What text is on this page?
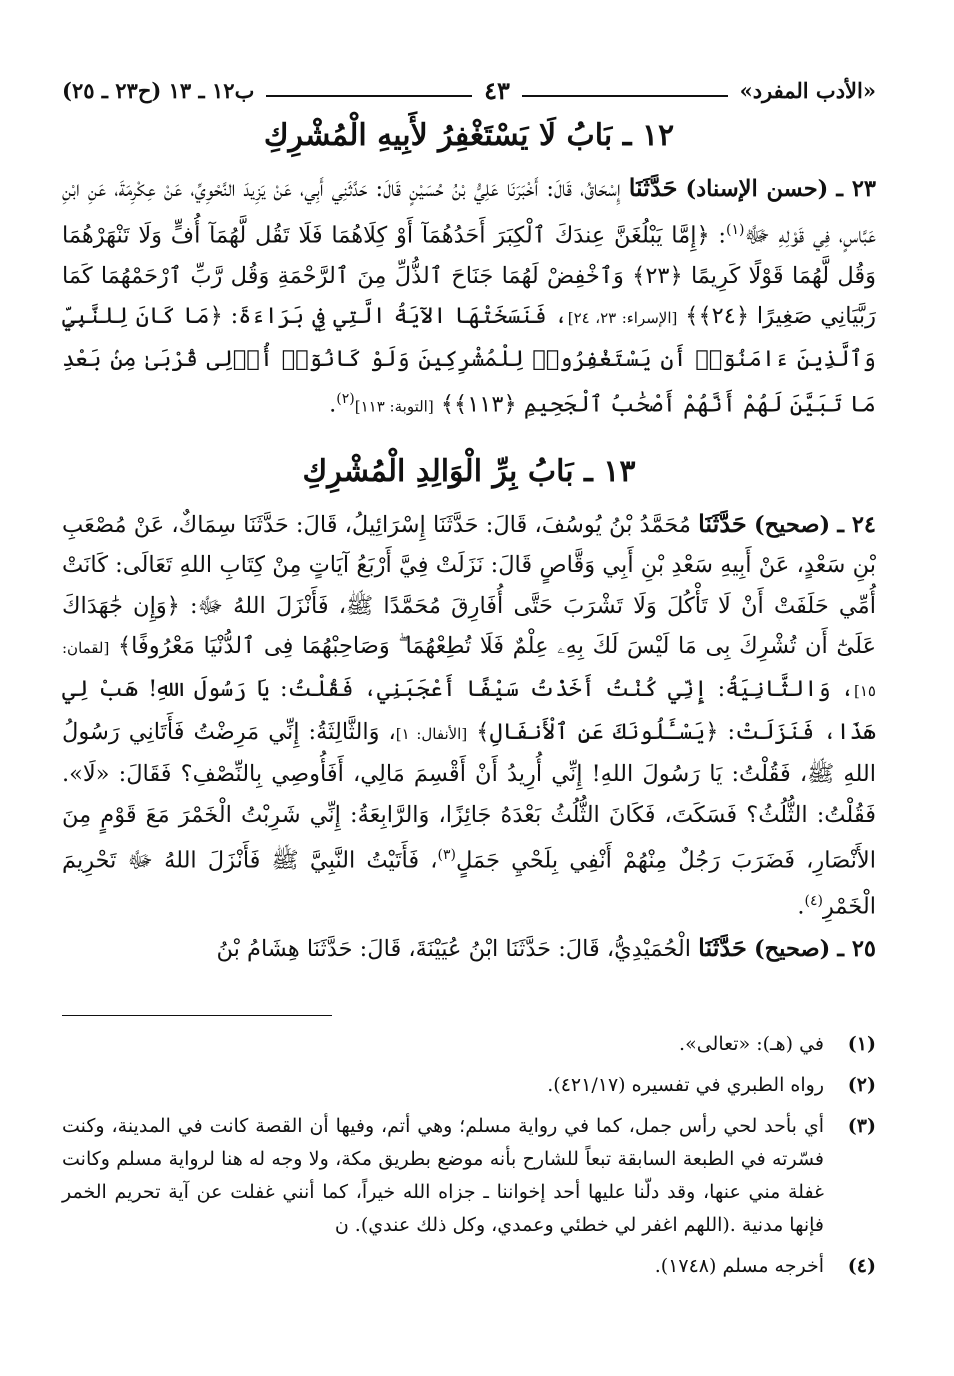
«الأدب المفرد»
٤٣
ب١٢ ـ ١٣ (ح٢٣ ـ ٢٥)
١٢ ـ بَابُ لَا يَسْتَغْفِرُ لأَبِيهِ الْمُشْرِكِ

٢٣ ـ (حسن الإسناد) حَدَّثَنَا إِسْحَاقُ، قَالَ: أَخْبَرَنَا عَلِيُّ بْنُ حُسَيْنٍ قَالَ: حَدَّثَنِي أَبِي، عَنْ يَزِيدَ النَّحْوِيِّ، عَنْ عِكْرِمَةَ، عَنِ ابْنِ عَبَّاسٍ، فِي قَوْلِهِ ﷻ$^{(١)}$: ﴿إِمَّا يَبْلُغَنَّ عِندَكَ ٱلْكِبَرَ أَحَدُهُمَآ أَوْ كِلَاهُمَا فَلَا تَقُل لَّهُمَآ أُفٍّ وَلَا تَنْهَرْهُمَا وَقُل لَّهُمَا قَوْلًا كَرِيمًا ﴿٢٣﴾ وَٱخْفِضْ لَهُمَا جَنَاحَ ٱلذُّلِّ مِنَ ٱلرَّحْمَةِ وَقُل رَّبِّ ٱرْحَمْهُمَا كَمَا رَبَّيَانِي صَغِيرًا ﴿٢٤﴾﴾ [الإسراء: ٢٣، ٢٤]، فَنَسَخَتْهَا الآيَةُ الَّتِي فِي بَرَاءَةَ: ﴿مَا كَانَ لِلنَّبِيِّ وَٱلَّذِينَ ءَامَنُوٓا۟ أَن يَسْتَغْفِرُوا۟ لِلْمُشْرِكِينَ وَلَوْ كَانُوٓا۟ أُو۟لِى قُرْبَىٰ مِنۢ بَعْدِ مَا تَبَيَّنَ لَهُمْ أَنَّهُمْ أَصْحَٰبُ ٱلْجَحِيمِ ﴿١١٣﴾﴾ [التوبة: ١١٣]$^{(٢)}$.

١٣ ـ بَابُ بِرِّ الْوَالِدِ الْمُشْرِكِ

٢٤ ـ (صحيح) حَدَّثَنَا مُحَمَّدُ بْنُ يُوسُفَ، قَالَ: حَدَّثَنَا إِسْرَائِيلُ، قَالَ: حَدَّثَنَا سِمَاكٌ، عَنْ مُصْعَبِ بْنِ سَعْدٍ، عَنْ أَبِيهِ سَعْدِ بْنِ أَبِي وَقَّاصٍ قَالَ: نَزَلَتْ فِيَّ أَرْبَعُ آيَاتٍ مِنْ كِتَابِ اللهِ تَعَالَى: كَانَتْ أُمِّي حَلَفَتْ أَنْ لَا تَأْكُلَ وَلَا تَشْرَبَ حَتَّى أُفَارِقَ مُحَمَّدًا ﷺ، فَأَنْزَلَ اللهُ ﷻ: ﴿وَإِن جَٰهَدَاكَ عَلَىٰٓ أَن تُشْرِكَ بِى مَا لَيْسَ لَكَ بِهِۦ عِلْمٌ فَلَا تُطِعْهُمَا ۖ وَصَاحِبْهُمَا فِى ٱلدُّنْيَا مَعْرُوفًا﴾ [لقمان: ١٥]، وَالثَّانِيَةُ: إِنِّي كُنْتُ أَخَذْتُ سَيْفًا أَعْجَبَنِي، فَقُلْتُ: يَا رَسُولَ اللهِ! هَبْ لِي هَذَا، فَنَزَلَتْ: ﴿يَسْـَٔلُونَكَ عَنِ ٱلْأَنفَالِ﴾ [الأنفال: ١]، وَالثَّالِثَةُ: إِنِّي مَرِضْتُ فَأَتَانِي رَسُولُ اللهِ ﷺ، فَقُلْتُ: يَا رَسُولَ اللهِ! إِنِّي أُرِيدُ أَنْ أَقْسِمَ مَالِي، أَفَأُوصِي بِالنِّصْفِ؟ فَقَالَ: «لَا». فَقُلْتُ: الثُّلُثُ؟ فَسَكَتَ، فَكَانَ الثُّلُثُ بَعْدَهُ جَائِزًا، وَالرَّابِعَةُ: إِنِّي شَرِبْتُ الْخَمْرَ مَعَ قَوْمٍ مِنَ الأَنْصَارِ، فَضَرَبَ رَجُلٌ مِنْهُمْ أَنْفِي بِلَحْيِ جَمَلٍ$^{(٣)}$، فَأَتَيْتُ النَّبِيَّ ﷺ فَأَنْزَلَ اللهُ ﷻ تَحْرِيمَ الْخَمْرِ$^{(٤)}$.

٢٥ ـ (صحيح) حَدَّثَنَا الْحُمَيْدِيُّ، قَالَ: حَدَّثَنَا ابْنُ عُيَيْنَةَ، قَالَ: حَدَّثَنَا هِشَامُ بْنُ

(١)
في (هـ): «تعالى».
(٢)
رواه الطبري في تفسيره (٤٢١/١٧).
(٣)
أي بأحد لحي رأس جمل، كما في رواية مسلم؛ وهي أتم، وفيها أن القصة كانت في المدينة، وكنت فسّرته في الطبعة السابقة تبعاً للشارح بأنه موضع بطريق مكة، ولا وجه له هنا لرواية مسلم وكانت غفلة مني عنها، وقد دلّنا عليها أحد إخواننا ـ جزاه الله خيراً، كما أنني غفلت عن آية تحريم الخمر فإنها مدنية .(اللهم اغفر لي خطئي وعمدي، وكل ذلك عندي). ن
(٤)
أخرجه مسلم (١٧٤٨).
